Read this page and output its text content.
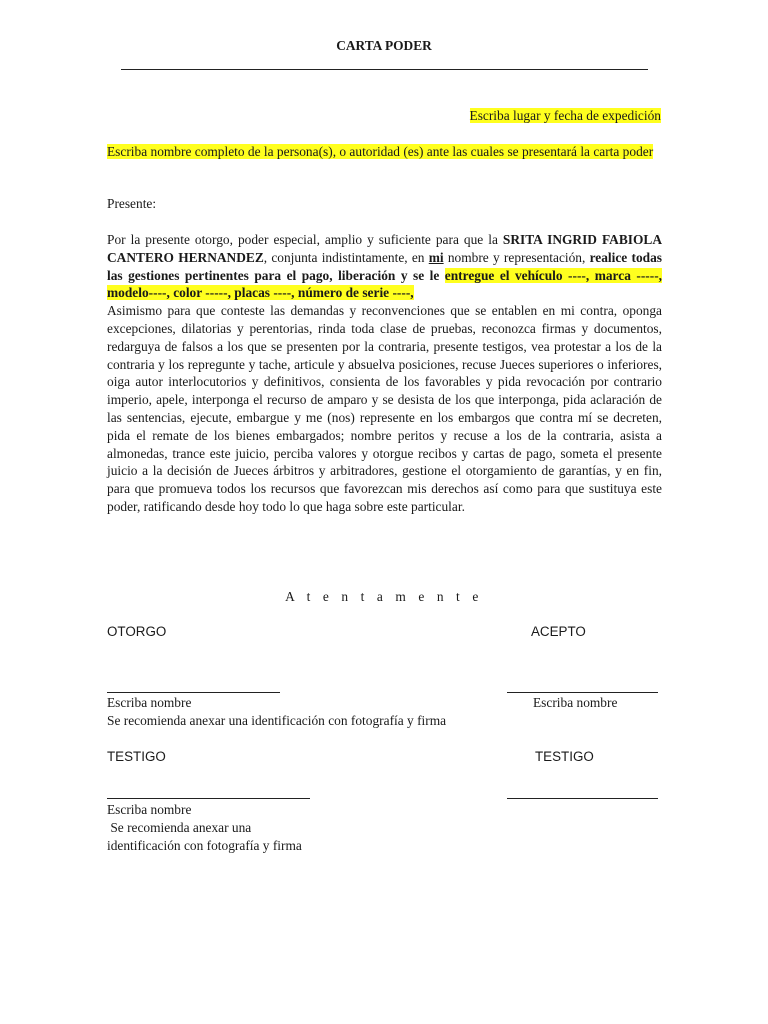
CARTA PODER
Escriba lugar y fecha de expedición
Escriba nombre completo de la persona(s), o autoridad (es) ante las cuales se presentará la carta poder
Presente:

Por la presente otorgo, poder especial, amplio y suficiente para que la SRITA INGRID FABIOLA CANTERO HERNANDEZ, conjunta indistintamente, en mi nombre y representación, realice todas las gestiones pertinentes para el pago, liberación y se le entregue el vehículo ----, marca -----, modelo----, color -----, placas ----, número de serie ----,

Asimismo para que conteste las demandas y reconvenciones que se entablen en mi contra, oponga excepciones, dilatorias y perentorias, rinda toda clase de pruebas, reconozca firmas y documentos, redarguya de falsos a los que se presenten por la contraria, presente testigos, vea protestar a los de la contraria y los repregunte y tache, articule y absuelva posiciones, recuse Jueces superiores o inferiores, oiga autor interlocutorios y definitivos, consienta de los favorables y pida revocación por contrario imperio, apele, interponga el recurso de amparo y se desista de los que interponga, pida aclaración de las sentencias, ejecute, embargue y me (nos) represente en los embargos que contra mí se decreten, pida el remate de los bienes embargados; nombre peritos y recuse a los de la contraria, asista a almonedas, trance este juicio, perciba valores y otorgue recibos y cartas de pago, someta el presente juicio a la decisión de Jueces árbitros y arbitradores, gestione el otorgamiento de garantías, y en fin, para que promueva todos los recursos que favorezcan mis derechos así como para que sustituya este poder, ratificando desde hoy todo lo que haga sobre este particular.

A t e n t a m e n t e
OTORGO	ACEPTO
Escriba nombre	Escriba nombre
Se recomienda anexar una identificación con fotografía y firma
TESTIGO	TESTIGO
Escriba nombre
Se recomienda anexar una
identificación con fotografía y firma
